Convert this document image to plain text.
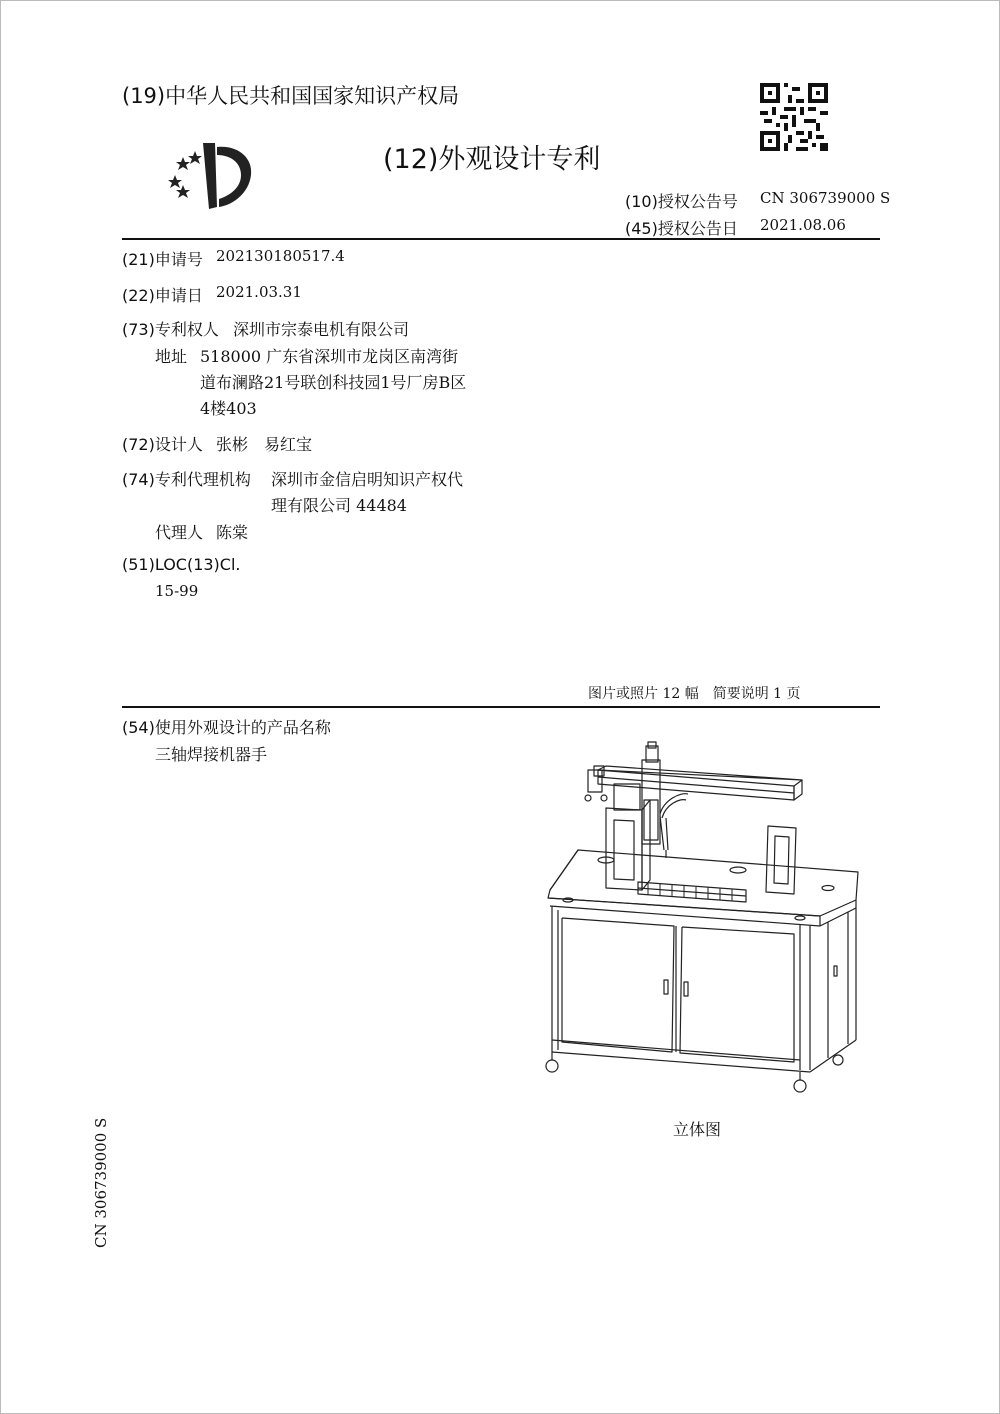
(19)中华人民共和国国家知识产权局
(12)外观设计专利
(10)授权公告号 CN 306739000 S
(45)授权公告日 2021.08.06
(21)申请号 202130180517.4
(22)申请日 2021.03.31
(73)专利权人 深圳市宗泰电机有限公司
地址 518000 广东省深圳市龙岗区南湾街
道布澜路21号联创科技园1号厂房B区
4楼403
(72)设计人 张彬　易红宝
(74)专利代理机构 深圳市金信启明知识产权代
理有限公司 44484
代理人 陈棠
(51)LOC(13)Cl.
15-99
图片或照片 12 幅　简要说明 1 页
(54)使用外观设计的产品名称
三轴焊接机器手
立体图
CN 306739000 S
